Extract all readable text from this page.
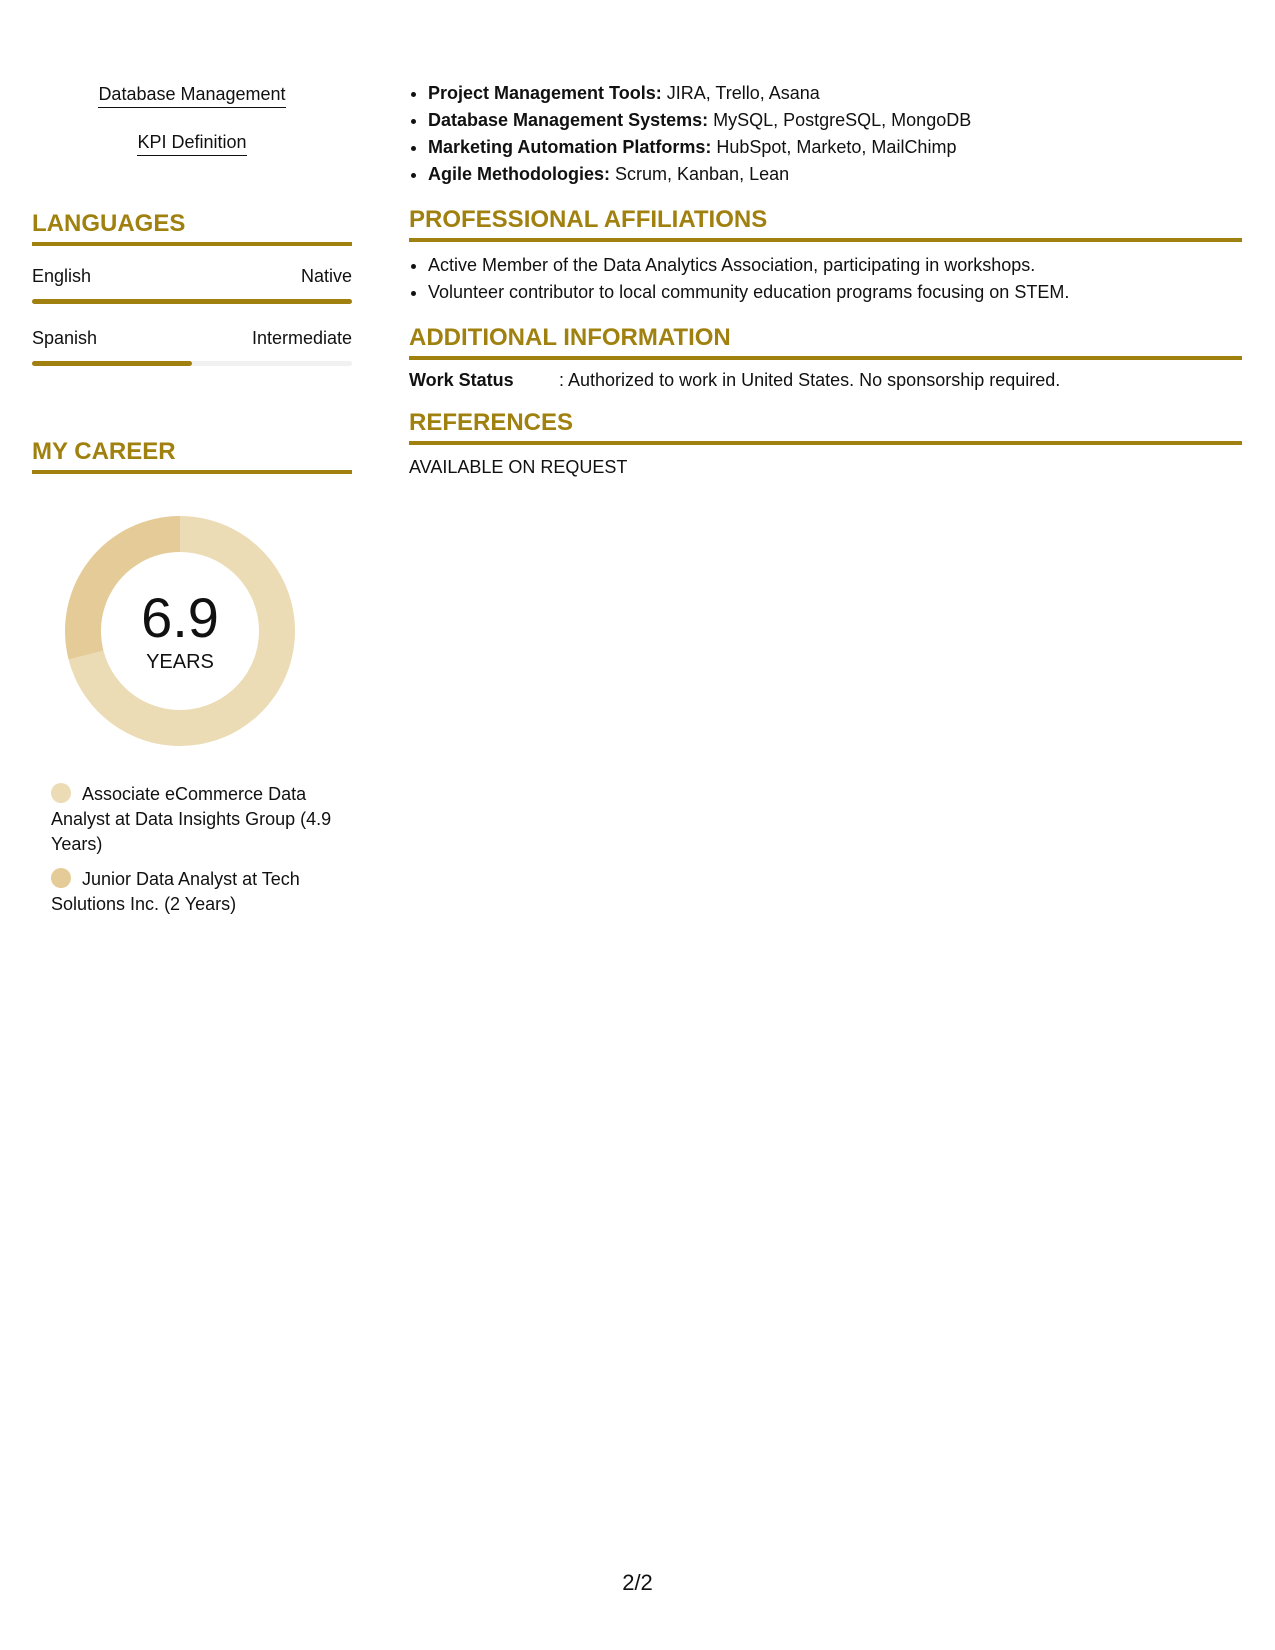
Database Management
KPI Definition
LANGUAGES
English	Native
Spanish	Intermediate
MY CAREER
6.9
YEARS
Associate eCommerce Data Analyst at Data Insights Group (4.9 Years)
Junior Data Analyst at Tech Solutions Inc. (2 Years)
• Project Management Tools: JIRA, Trello, Asana
• Database Management Systems: MySQL, PostgreSQL, MongoDB
• Marketing Automation Platforms: HubSpot, Marketo, MailChimp
• Agile Methodologies: Scrum, Kanban, Lean
PROFESSIONAL AFFILIATIONS
• Active Member of the Data Analytics Association, participating in workshops.
• Volunteer contributor to local community education programs focusing on STEM.
ADDITIONAL INFORMATION
Work Status	: Authorized to work in United States. No sponsorship required.
REFERENCES
AVAILABLE ON REQUEST
2/2
